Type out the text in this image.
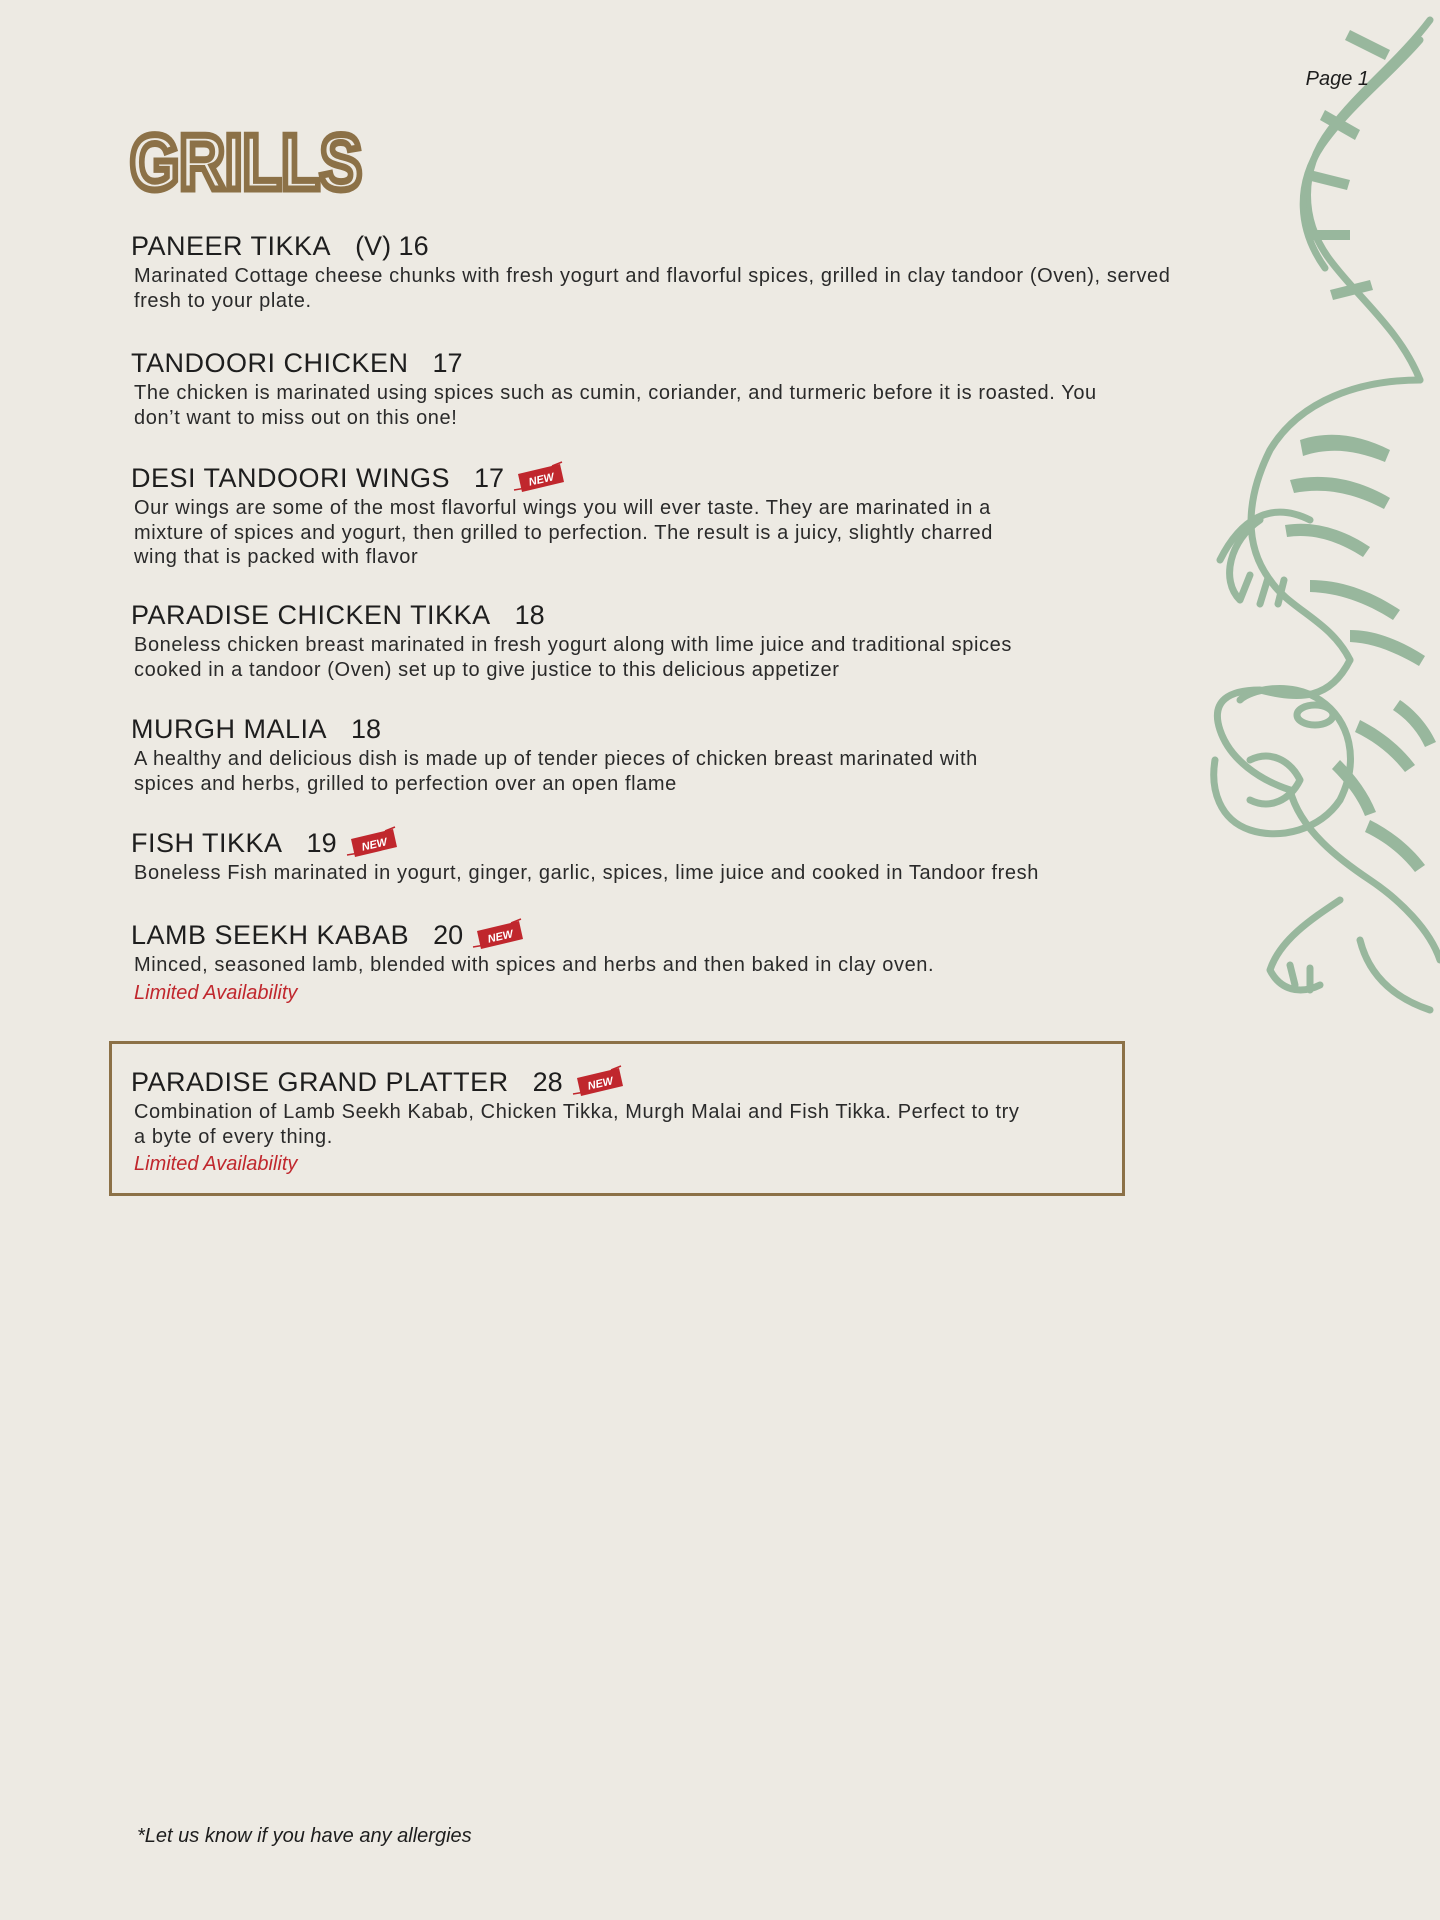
Page 1
GRILLS
PANEER TIKKA (V) 16
Marinated Cottage cheese chunks with fresh yogurt and flavorful spices, grilled in clay tandoor (Oven), served
fresh to your plate.
TANDOORI CHICKEN 17
The chicken is marinated using spices such as cumin, coriander, and turmeric before it is roasted. You
don’t want to miss out on this one!
DESI TANDOORI WINGS 17 NEW
Our wings are some of the most flavorful wings you will ever taste. They are marinated in a
mixture of spices and yogurt, then grilled to perfection. The result is a juicy, slightly charred
wing that is packed with flavor
PARADISE CHICKEN TIKKA 18
Boneless chicken breast marinated in fresh yogurt along with lime juice and traditional spices
cooked in a tandoor (Oven) set up to give justice to this delicious appetizer
MURGH MALIA 18
A healthy and delicious dish is made up of tender pieces of chicken breast marinated with
spices and herbs, grilled to perfection over an open flame
FISH TIKKA 19 NEW
Boneless Fish marinated in yogurt, ginger, garlic, spices, lime juice and cooked in Tandoor fresh
LAMB SEEKH KABAB 20 NEW
Minced, seasoned lamb, blended with spices and herbs and then baked in clay oven.
Limited Availability
PARADISE GRAND PLATTER 28 NEW
Combination of Lamb Seekh Kabab, Chicken Tikka, Murgh Malai and Fish Tikka. Perfect to try
a byte of every thing.
Limited Availability
*Let us know if you have any allergies
